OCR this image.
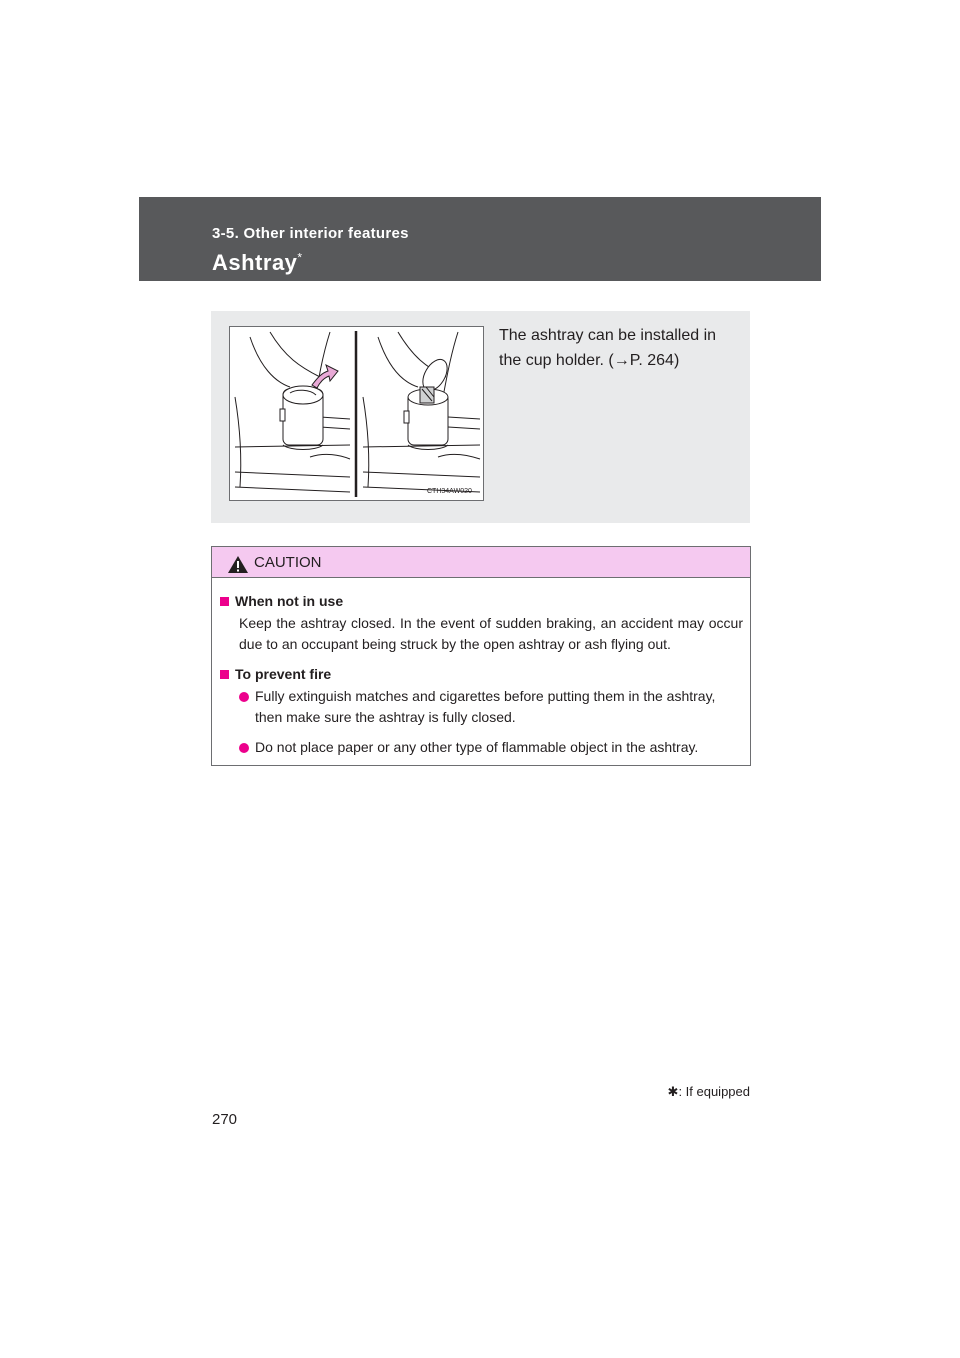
3-5. Other interior features
Ashtray*
CTH34AW020
The ashtray can be installed in the cup holder. (→P. 264)
CAUTION
When not in use
Keep the ashtray closed. In the event of sudden braking, an accident may occur due to an occupant being struck by the open ashtray or ash flying out.
To prevent fire
Fully extinguish matches and cigarettes before putting them in the ashtray, then make sure the ashtray is fully closed.
Do not place paper or any other type of flammable object in the ashtray.
✱: If equipped
270
